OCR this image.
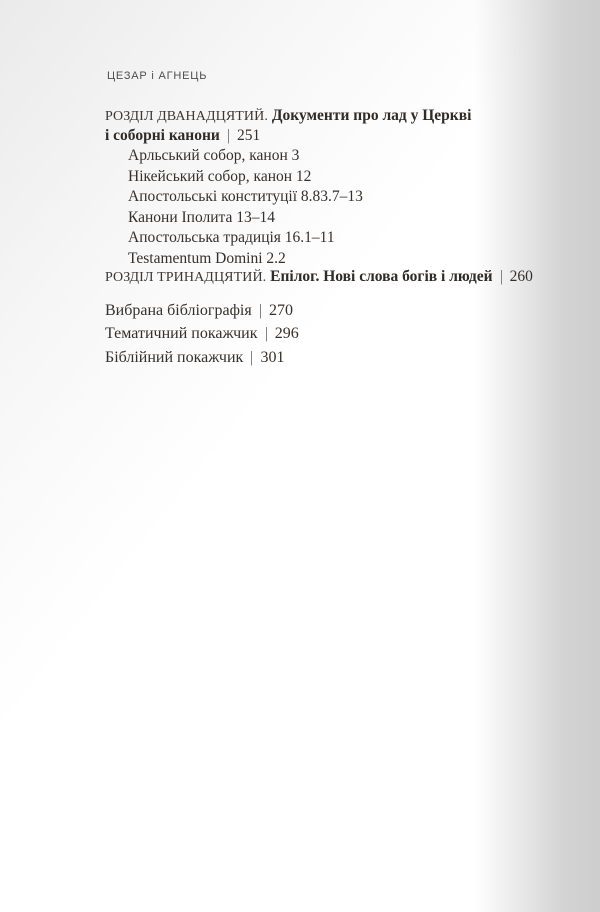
ЦЕЗАР і АГНЕЦЬ
РОЗДІЛ ДВАНАДЦЯТИЙ. Документи про лад у Церкві
і соборні канони | 251
Арльський собор, канон 3
Нікейський собор, канон 12
Апостольські конституції 8.83.7–13
Канони Іполита 13–14
Апостольська традиція 16.1–11
Testamentum Domini 2.2
РОЗДІЛ ТРИНАДЦЯТИЙ. Епілог. Нові слова богів і людей | 260
Вибрана бібліографія | 270
Тематичний покажчик | 296
Біблійний покажчик | 301
